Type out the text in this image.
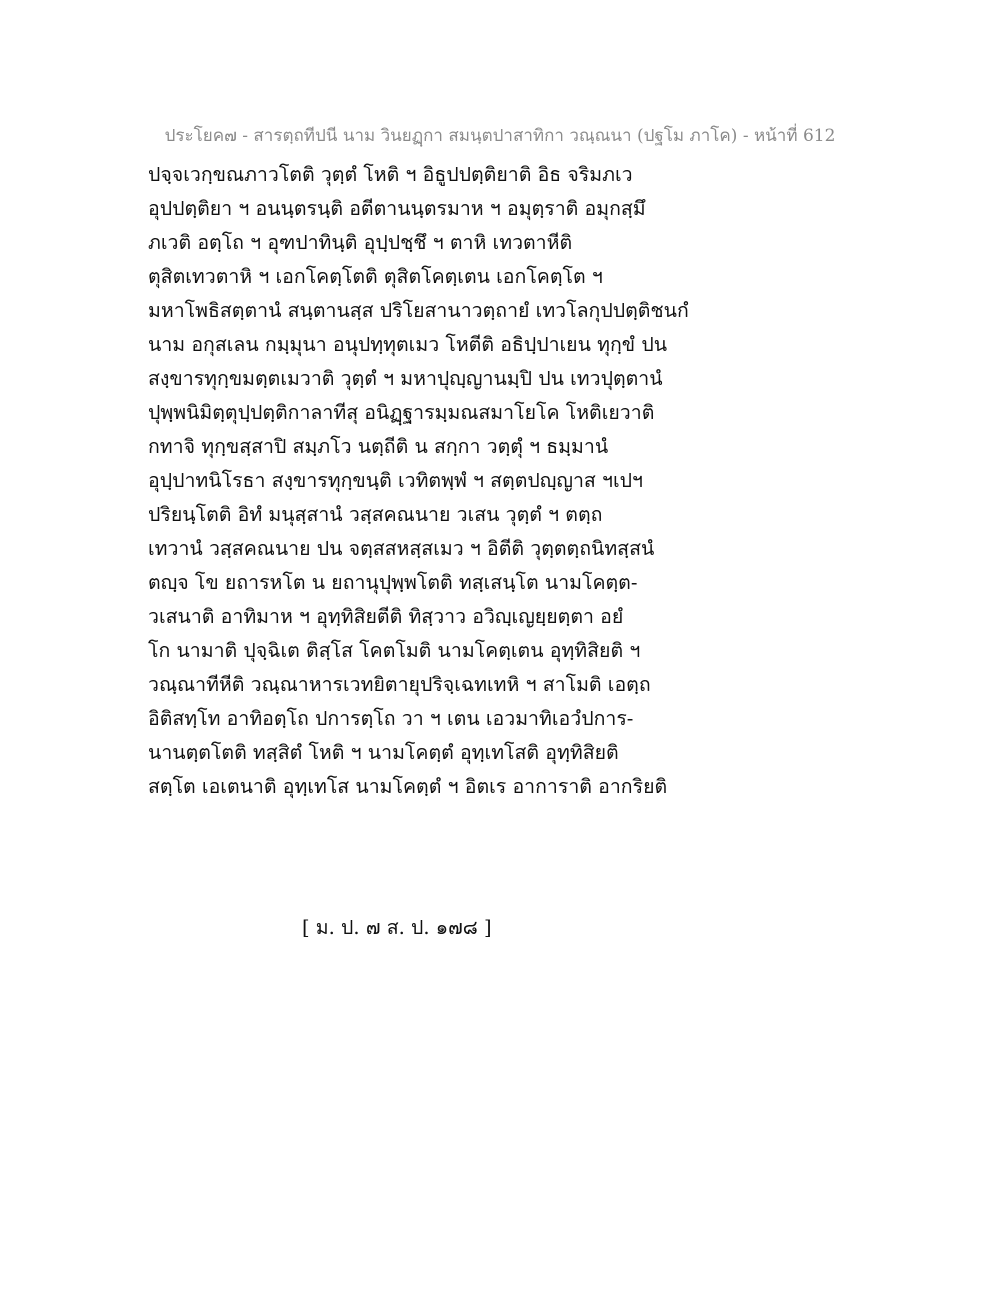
ประโยค๗ - สารตฺถทีปนี นาม วินยฏฺกา สมนฺตปาสาทิกา วณฺณนา (ปฐโม ภาโค) - หน้าที่ 612
ปจฺจเวกฺขณภาวโตติ วุตฺตํ โหติ ฯ อิธูปปตฺติยาติ อิธ จริมภเว
อุปปตฺติยา ฯ อนนฺตรนฺติ อตีตานนฺตรมาห ฯ อมุตฺราติ อมุกสฺมึ
ภเวติ อตฺโถ ฯ อุฑปาทินฺติ อุปฺปชฺชึ ฯ ตาหิ เทวตาหีติ
ตุสิตเทวตาหิ ฯ เอกโคตฺโตติ ตุสิตโคตฺเตน เอกโคตฺโต ฯ
มหาโพธิสตฺตานํ สนฺตานสฺส ปริโยสานาวตฺถายํ เทวโลกุปปตฺติชนกํ
นาม อกุสเลน กมฺมุนา อนุปทฺทุตเมว โหตีติ อธิปฺปาเยน ทุกฺขํ ปน
สงฺขารทุกฺขมตฺตเมวาติ วุตฺตํ ฯ มหาปุญฺญานมฺปิ ปน เทวปุตฺตานํ
ปุพฺพนิมิตฺตุปฺปตฺติกาลาทีสุ อนิฏฺฐารมฺมณสมาโยโค โหติเยวาติ
กทาจิ ทุกฺขสฺสาปิ สมฺภโว นตฺถีติ น สกฺกา วตฺตุํ ฯ ธมฺมานํ
อุปฺปาทนิโรธา สงฺขารทุกฺขนฺติ เวทิตพฺพํ ฯ สตฺตปญฺญาส ฯเปฯ
ปริยนฺโตติ อิทํ มนุสฺสานํ วสฺสคณนาย วเสน วุตฺตํ ฯ ตตฺถ
เทวานํ วสฺสคณนาย ปน จตฺสสหสฺสเมว ฯ อิตีติ วุตฺตตฺถนิทสฺสนํ
ตญฺจ โข ยถารหโต น ยถานุปุพฺพโตติ ทสฺเสนฺโต นามโคตฺต-
วเสนาติ อาทิมาห ฯ อุทฺทิสิยตีติ ทิสฺวาว อวิญฺเญยฺยตฺตา อยํ
โก นามาติ ปุจฺฉิเต ติสฺโส โคตโมติ นามโคตฺเตน อุทฺทิสิยติ ฯ
วณฺณาทีหีติ วณฺณาหารเวทยิตายุปริจฺเฉทเทหิ ฯ สาโมติ เอตฺถ
อิติสทฺโท อาทิอตฺโถ ปการตฺโถ วา ฯ เตน เอวมาทิเอวํปการ-
นานตฺตโตติ ทสฺสิตํ โหติ ฯ นามโคตฺตํ อุทฺเทโสติ อุทฺทิสิยติ
สตฺโต เอเตนาติ อุทฺเทโส นามโคตฺตํ ฯ อิตเร อาการาติ อากริยติ
[ ม. ป. ๗ ส. ป. ๑๗๘ ]
